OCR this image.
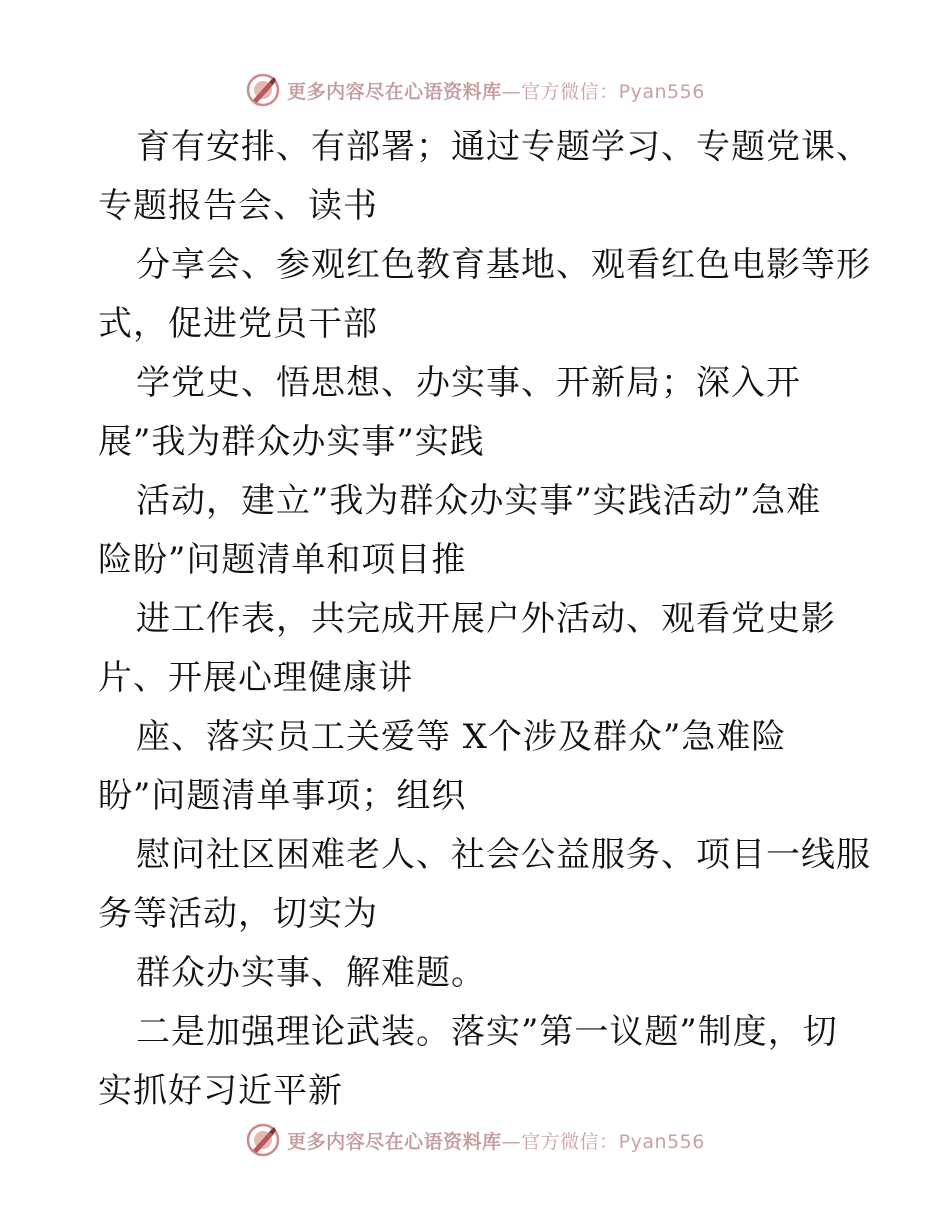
更多内容尽在心语资料库—官方微信：Pyan556
育有安排、有部署；通过专题学习、专题党课、
专题报告会、读书
分享会、参观红色教育基地、观看红色电影等形
式，促进党员干部
学党史、悟思想、办实事、开新局；深入开
展”我为群众办实事”实践
活动，建立”我为群众办实事”实践活动”急难
险盼”问题清单和项目推
进工作表，共完成开展户外活动、观看党史影
片、开展心理健康讲
座、落实员工关爱等 X个涉及群众”急难险
盼”问题清单事项；组织
慰问社区困难老人、社会公益服务、项目一线服
务等活动，切实为
群众办实事、解难题。
二是加强理论武装。落实”第一议题”制度，切
实抓好习近平新
更多内容尽在心语资料库—官方微信：Pyan556
